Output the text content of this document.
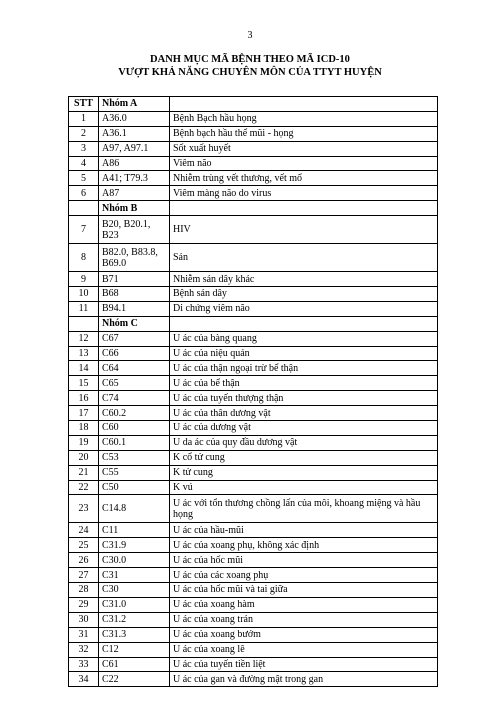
3
DANH MỤC MÃ BỆNH THEO MÃ ICD-10
VƯỢT KHẢ NĂNG CHUYÊN MÔN CỦA TTYT HUYỆN
STT	Nhóm A	
1	A36.0	Bệnh Bạch hầu họng
2	A36.1	Bệnh bạch hầu thể mũi - họng
3	A97, A97.1	Sốt xuất huyết
4	A86	Viêm não
5	A41; T79.3	Nhiễm trùng vết thương, vết mổ
6	A87	Viêm màng não do virus
	Nhóm B	
7	B20, B20.1, B23	HIV
8	B82.0, B83.8, B69.0	Sán
9	B71	Nhiễm sán dây khác
10	B68	Bệnh sán dây
11	B94.1	Di chứng viêm não
	Nhóm C	
12	C67	U ác của bàng quang
13	C66	U ác của niệu quản
14	C64	U ác của thận ngoại trừ bể thận
15	C65	U ác của bể thận
16	C74	U ác của tuyến thượng thận
17	C60.2	U ác của thân dương vật
18	C60	U ác của dương vật
19	C60.1	U da ác của quy đầu dương vật
20	C53	K cổ tử cung
21	C55	K tử cung
22	C50	K vú
23	C14.8	U ác với tổn thương chồng lấn của môi, khoang miệng và hầu họng
24	C11	U ác của hầu-mũi
25	C31.9	U ác của xoang phụ, không xác định
26	C30.0	U ác của hốc mũi
27	C31	U ác của các xoang phụ
28	C30	U ác của hốc mũi và tai giữa
29	C31.0	U ác của xoang hàm
30	C31.2	U ác của xoang trán
31	C31.3	U ác của xoang bướm
32	C12	U ác của xoang lê
33	C61	U ác của tuyến tiền liệt
34	C22	U ác của gan và đường mật trong gan
